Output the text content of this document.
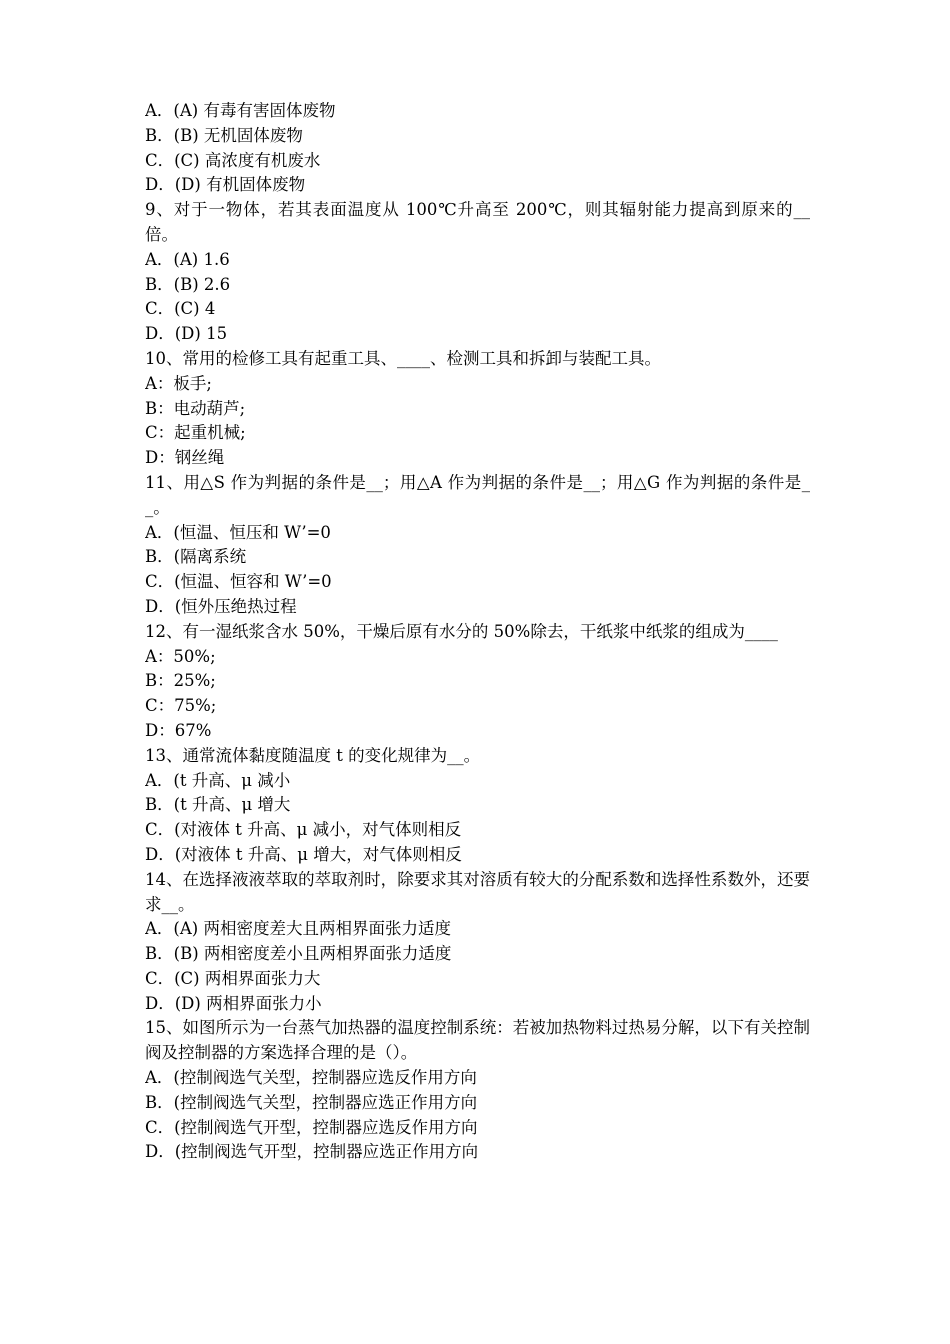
A．(A) 有毒有害固体废物

B．(B) 无机固体废物

C．(C) 高浓度有机废水

D．(D) 有机固体废物

9、对于一物体，若其表面温度从 100℃升高至 200℃，则其辐射能力提高到原来的__倍。

A．(A) 1.6

B．(B) 2.6

C．(C) 4

D．(D) 15

10、常用的检修工具有起重工具、____、检测工具和拆卸与装配工具。

A：板手;

B：电动葫芦;

C：起重机械;

D：钢丝绳

11、用△S 作为判据的条件是__；用△A 作为判据的条件是__；用△G 作为判据的条件是__。

A．(恒温、恒压和 W’=0

B．(隔离系统

C．(恒温、恒容和 W’=0

D．(恒外压绝热过程

12、有一湿纸浆含水 50%，干燥后原有水分的 50%除去，干纸浆中纸浆的组成为____

A：50%;

B：25%;

C：75%;

D：67%

13、通常流体黏度随温度 t 的变化规律为__。

A．(t 升高、μ 减小

B．(t 升高、μ 增大

C．(对液体 t 升高、μ 减小，对气体则相反

D．(对液体 t 升高、μ 增大，对气体则相反

14、在选择液液萃取的萃取剂时，除要求其对溶质有较大的分配系数和选择性系数外，还要求__。

A．(A) 两相密度差大且两相界面张力适度

B．(B) 两相密度差小且两相界面张力适度

C．(C) 两相界面张力大

D．(D) 两相界面张力小

15、如图所示为一台蒸气加热器的温度控制系统：若被加热物料过热易分解，以下有关控制阀及控制器的方案选择合理的是（）。

A．(控制阀选气关型，控制器应选反作用方向

B．(控制阀选气关型，控制器应选正作用方向

C．(控制阀选气开型，控制器应选反作用方向

D．(控制阀选气开型，控制器应选正作用方向
